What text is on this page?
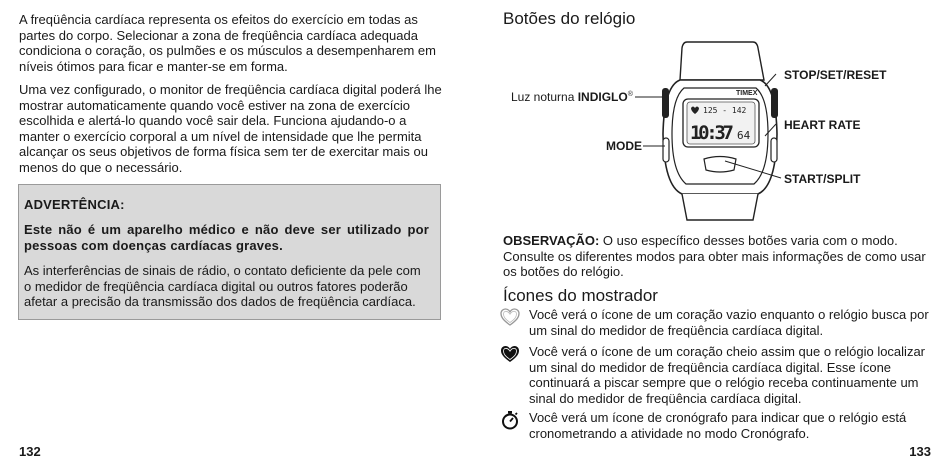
A freqüência cardíaca representa os efeitos do exercício em todas as partes do corpo. Selecionar a zona de freqüência cardíaca adequada condiciona o coração, os pulmões e os músculos a desempenharem em níveis ótimos para ficar e manter-se em forma.

Uma vez configurado, o monitor de freqüência cardíaca digital poderá lhe mostrar automaticamente quando você estiver na zona de exercício escolhida e alertá-lo quando você sair dela. Funciona ajudando-o a manter o exercício corporal a um nível de intensidade que lhe permita alcançar os seus objetivos de forma física sem ter de exercitar mais ou menos do que o necessário.

ADVERTÊNCIA:
Este não é um aparelho médico e não deve ser utilizado por pessoas com doenças cardíacas graves.

As interferências de sinais de rádio, o contato deficiente da pele com o medidor de freqüência cardíaca digital ou outros fatores poderão afetar a precisão da transmissão dos dados de freqüência cardíaca.

132
Botões do relógio
TIMEX
125 - 142
10:37 64
Luz noturna INDIGLO®
MODE
STOP/SET/RESET
HEART RATE
START/SPLIT

OBSERVAÇÃO: O uso específico desses botões varia com o modo. Consulte os diferentes modos para obter mais informações de como usar os botões do relógio.

Ícones do mostrador

Você verá o ícone de um coração vazio enquanto o relógio busca por um sinal do medidor de freqüência cardíaca digital.

Você verá o ícone de um coração cheio assim que o relógio localizar um sinal do medidor de freqüência cardíaca digital. Esse ícone continuará a piscar sempre que o relógio receba continuamente um sinal do medidor de freqüência cardíaca digital.

Você verá um ícone de cronógrafo para indicar que o relógio está cronometrando a atividade no modo Cronógrafo.

133
